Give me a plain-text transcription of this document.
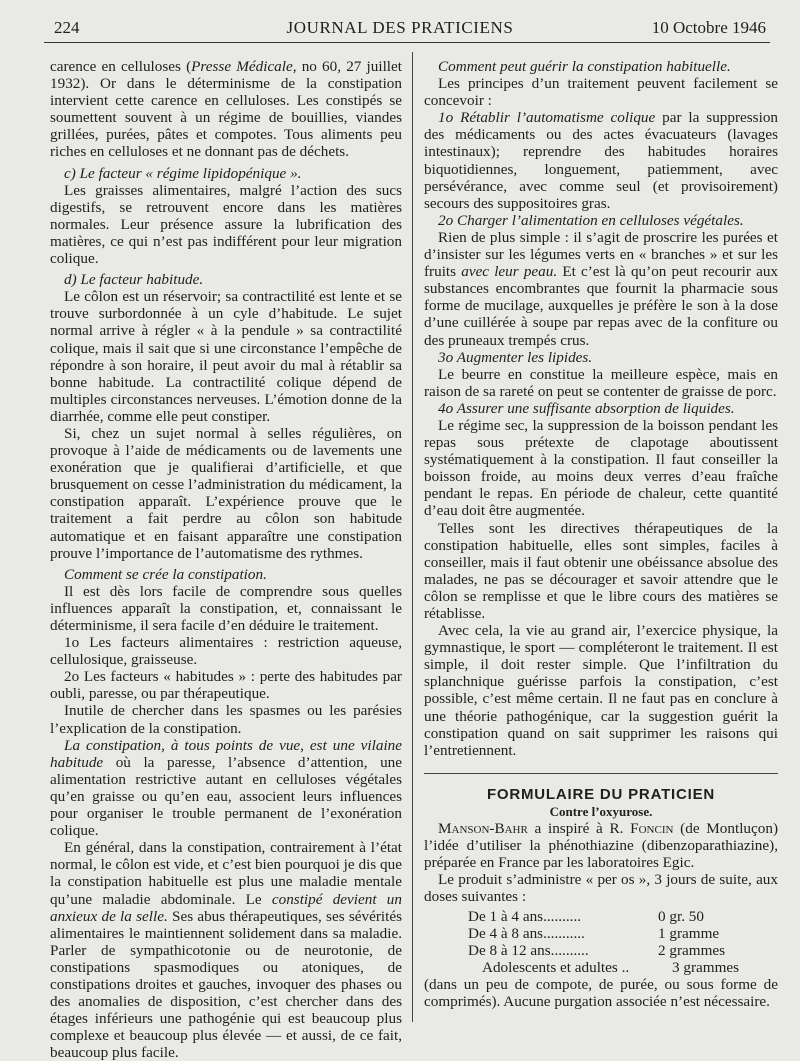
224	JOURNAL DES PRATICIENS	10 Octobre 1946

carence en celluloses (Presse Médicale, no 60, 27 juillet 1932). Or dans le déterminisme de la constipation intervient cette carence en celluloses. Les constipés se soumettent souvent à un régime de bouillies, viandes grillées, purées, pâtes et compotes. Tous aliments peu riches en celluloses et ne donnant pas de déchets.

c) Le facteur « régime lipidopénique ».

Les graisses alimentaires, malgré l’action des sucs digestifs, se retrouvent encore dans les matières normales. Leur présence assure la lubrification des matières, ce qui n’est pas indifférent pour leur migration colique.

d) Le facteur habitude.

Le côlon est un réservoir; sa contractilité est lente et se trouve surbordonnée à un cyle d’habitude. Le sujet normal arrive à régler « à la pendule » sa contractilité colique, mais il sait que si une circonstance l’empêche de répondre à son horaire, il peut avoir du mal à rétablir sa bonne habitude. La contractilité colique dépend de multiples circonstances nerveuses. L’émotion donne de la diarrhée, comme elle peut constiper.

Si, chez un sujet normal à selles régulières, on provoque à l’aide de médicaments ou de lavements une exonération que je qualifierai d’artificielle, et que brusquement on cesse l’administration du médicament, la constipation apparaît. L’expérience prouve que le traitement a fait perdre au côlon son habitude automatique et en faisant apparaître une constipation prouve l’importance de l’automatisme des rythmes.

Comment se crée la constipation.

Il est dès lors facile de comprendre sous quelles influences apparaît la constipation, et, connaissant le déterminisme, il sera facile d’en déduire le traitement.

1o Les facteurs alimentaires : restriction aqueuse, cellulosique, graisseuse.

2o Les facteurs « habitudes » : perte des habitudes par oubli, paresse, ou par thérapeutique.

Inutile de chercher dans les spasmes ou les parésies l’explication de la constipation.

La constipation, à tous points de vue, est une vilaine habitude où la paresse, l’absence d’attention, une alimentation restrictive autant en celluloses végétales qu’en graisse ou qu’en eau, associent leurs influences pour organiser le trouble permanent de l’exonération colique.

En général, dans la constipation, contrairement à l’état normal, le côlon est vide, et c’est bien pourquoi je dis que la constipation habituelle est plus une maladie mentale qu’une maladie abdominale. Le constipé devient un anxieux de la selle. Ses abus thérapeutiques, ses sévérités alimentaires le maintiennent solidement dans sa maladie. Parler de sympathicotonie ou de neurotonie, de constipations spasmodiques ou atoniques, de constipations droites et gauches, invoquer des phases ou des anomalies de disposition, c’est chercher dans des étages inférieurs une pathogénie qui est beaucoup plus complexe et beaucoup plus élevée — et aussi, de ce fait, beaucoup plus facile.

Comment peut guérir la constipation habituelle.

Les principes d’un traitement peuvent facilement se concevoir :

1o Rétablir l’automatisme colique par la suppression des médicaments ou des actes évacuateurs (lavages intestinaux); reprendre des habitudes horaires biquotidiennes, longuement, patiemment, avec persévérance, avec comme seul (et provisoirement) secours des suppositoires gras.

2o Charger l’alimentation en celluloses végétales.

Rien de plus simple : il s’agit de proscrire les purées et d’insister sur les légumes verts en « branches » et sur les fruits avec leur peau. Et c’est là qu’on peut recourir aux substances encombrantes que fournit la pharmacie sous forme de mucilage, auxquelles je préfère le son à la dose d’une cuillérée à soupe par repas avec de la confiture ou des pruneaux trempés crus.

3o Augmenter les lipides.

Le beurre en constitue la meilleure espèce, mais en raison de sa rareté on peut se contenter de graisse de porc.

4o Assurer une suffisante absorption de liquides.

Le régime sec, la suppression de la boisson pendant les repas sous prétexte de clapotage aboutissent systématiquement à la constipation. Il faut conseiller la boisson froide, au moins deux verres d’eau fraîche pendant le repas. En période de chaleur, cette quantité d’eau doit être augmentée.

Telles sont les directives thérapeutiques de la constipation habituelle, elles sont simples, faciles à conseiller, mais il faut obtenir une obéissance absolue des malades, ne pas se décourager et savoir attendre que le côlon se remplisse et que le libre cours des matières se rétablisse.

Avec cela, la vie au grand air, l’exercice physique, la gymnastique, le sport — compléteront le traitement. Il est simple, il doit rester simple. Que l’infiltration du splanchnique guérisse parfois la constipation, c’est possible, c’est même certain. Il ne faut pas en conclure à une théorie pathogénique, car la suggestion guérit la constipation quand on sait supprimer les raisons qui l’entretiennent.

FORMULAIRE DU PRATICIEN

Contre l’oxyurose.

Manson-Bahr a inspiré à R. Foncin (de Montluçon) l’idée d’utiliser la phénothiazine (dibenzoparathiazine), préparée en France par les laboratoires Egic.

Le produit s’administre « per os », 3 jours de suite, aux doses suivantes :

De 1 à 4 ans..........	0 gr. 50
De 4 à 8 ans...........	1 gramme
De 8 à 12 ans..........	2 grammes
Adolescents et adultes ..	3 grammes

(dans un peu de compote, de purée, ou sous forme de comprimés). Aucune purgation associée n’est nécessaire.
